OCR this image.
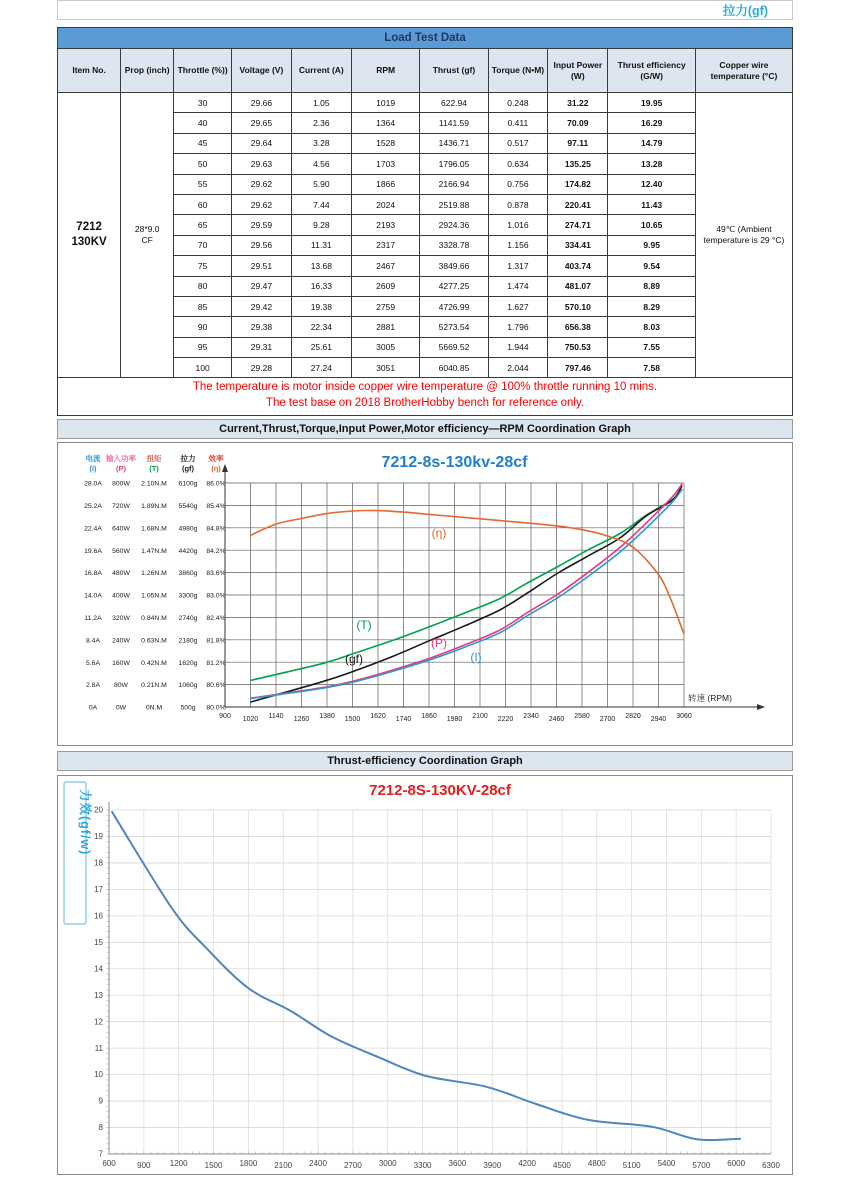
拉力(gf)
Load Test Data										
Item No.	Prop (inch)	Throttle (%))	Voltage (V)	Current (A)	RPM	Thrust (gf)	Torque (N•M)	Input Power (W)	Thrust efficiency (G/W)	Copper wire temperature (°C)

7212
130KV

28*9.0
CF
	30	29.66	1.05	1019	622.94	0.248	31.22	19.95	49℃ (Ambient temperature is 29 °C)
		40	29.65	2.36	1364	1141.59	0.411	70.09	16.29	
		45	29.64	3.28	1528	1436.71	0.517	97.11	14.79	
		50	29.63	4.56	1703	1796.05	0.634	135.25	13.28	
		55	29.62	5.90	1866	2166.94	0.756	174.82	12.40	
		60	29.62	7.44	2024	2519.88	0.878	220.41	11.43	
		65	29.59	9.28	2193	2924.36	1.016	274.71	10.65	
		70	29.56	11.31	2317	3328.78	1.156	334.41	9.95	
		75	29.51	13.68	2467	3849.66	1.317	403.74	9.54	
		80	29.47	16.33	2609	4277.25	1.474	481.07	8.89	
		85	29.42	19.38	2759	4726.99	1.627	570.10	8.29	
		90	29.38	22.34	2881	5273.54	1.796	656.38	8.03	
		95	29.31	25.61	3005	5669.52	1.944	750.53	7.55	
		100	29.28	27.24	3051	6040.85	2.044	797.46	7.58	
The temperature is motor inside copper wire temperature @ 100% throttle running 10 mins.
The test base on 2018 BrotherHobby bench for reference only.
Current,Thrust,Torque,Input Power,Motor efficiency—RPM Coordination Graph
7212-8s-130kv-28cf
电流
(I)
28.0A
25.2A
22.4A
19.6A
16.8A
14.0A
11.2A
8.4A
5.6A
2.8A
0A
输入功率
(P)
800W
720W
640W
560W
480W
400W
320W
240W
160W
80W
0W
扭矩
(T)
2.10N.M
1.89N.M
1.68N.M
1.47N.M
1.26N.M
1.05N.M
0.84N.M
0.63N.M
0.42N.M
0.21N.M
0N.M
拉力
(gf)
6100g
5540g
4980g
4420g
3860g
3300g
2740g
2180g
1620g
1060g
500g
效率
(η)
86.0%
85.4%
84.8%
84.2%
83.6%
83.0%
82.4%
81.8%
81.2%
80.6%
80.0%
900 1020 1140 1260 1380 1500 1620 1740 1860 1980 2100 2220 2340 2460 2580 2700 2820 2940 3060
转速 (RPM)
(η)
(T)
(gf)
(P)
(I)
Thrust-efficiency Coordination Graph
20
19
18
17
16
15
14
13
12
11
10
9
8
7
600	900 1200 1500 1800 2100 2400 2700 3000 3300 3600 3900 4200 4500 4800 5100 5400 5700 6000 6300
7212-8S-130KV-28cf
力效(gf/w)
